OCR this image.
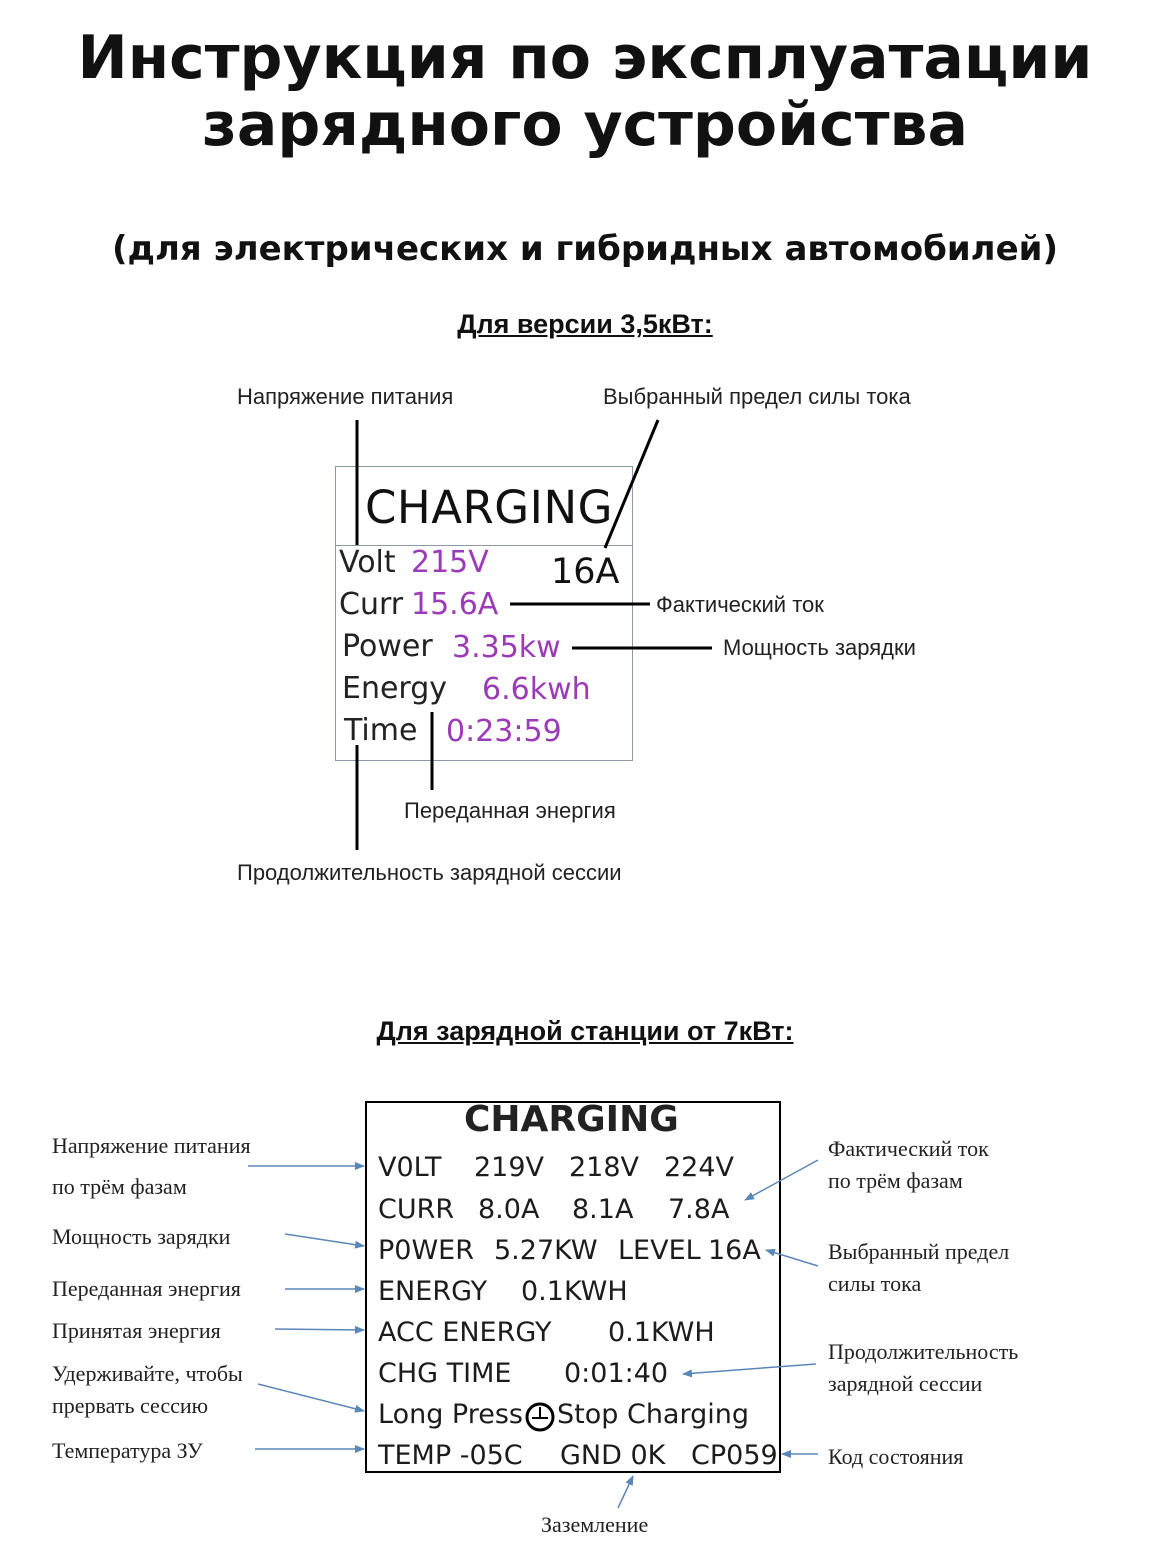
Инструкция по эксплуатации
зарядного устройства
(для электрических и гибридных автомобилей)
Для версии 3,5кВт:
Напряжение питания	Выбранный предел силы тока
Фактический ток
Мощность зарядки
Переданная энергия
Продолжительность зарядной сессии
CHARGING
Volt 215V 16A
Curr 15.6A
Power 3.35kw
Energy 6.6kwh
Time 0:23:59
Для зарядной станции от 7кВт:
CHARGING
V0LT 219V 218V 224V
CURR 8.0A 8.1A 7.8A
P0WER 5.27KW LEVEL 16A
ENERGY 0.1KWH
ACC ENERGY 0.1KWH
CHG TIME 0:01:40
Long Press Stop Charging
TEMP -05C GND 0K CP059
Напряжение питания
по трём фазам
Мощность зарядки
Переданная энергия
Принятая энергия
Удерживайте, чтобы
прервать сессию
Температура ЗУ
Фактический ток
по трём фазам
Выбранный предел
силы тока
Продолжительность
зарядной сессии
Код состояния
Заземление
